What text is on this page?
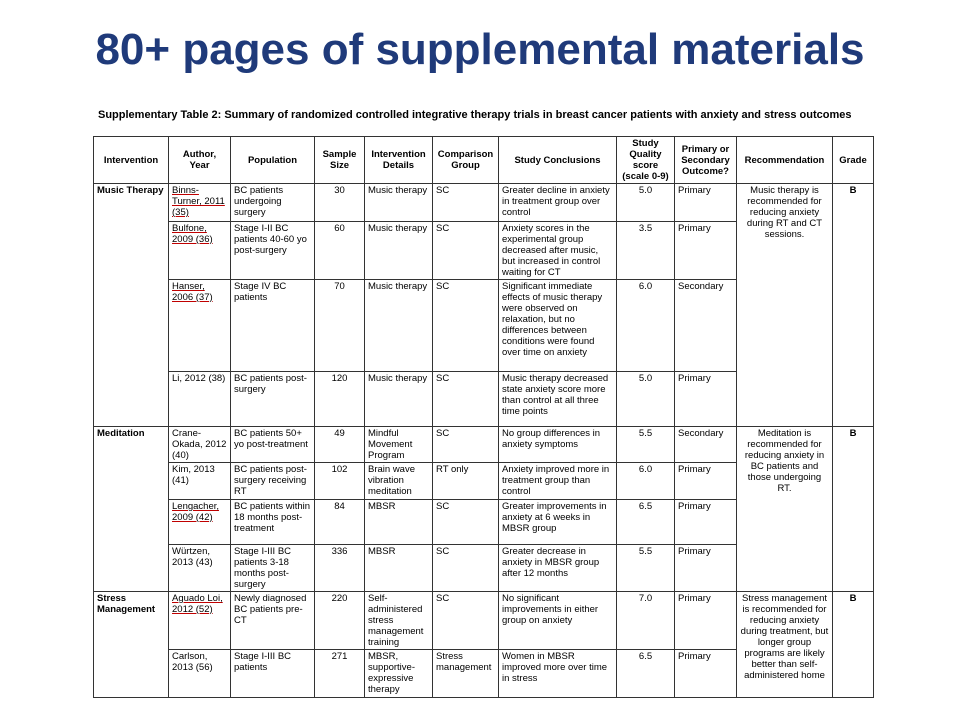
80+ pages of supplemental materials
Supplementary Table 2: Summary of randomized controlled integrative therapy trials in breast cancer patients with anxiety and stress outcomes
Intervention	Author, Year	Population	Sample Size	Intervention Details	Comparison Group	Study Conclusions	Study Quality score (scale 0-9)	Primary or Secondary Outcome?	Recommendation	Grade
Music Therapy	Binns-Turner, 2011 (35)	BC patients undergoing surgery	30	Music therapy	SC	Greater decline in anxiety in treatment group over control	5.0	Primary	Music therapy is recommended for reducing anxiety during RT and CT sessions.	B
	Bulfone, 2009 (36)	Stage I-II BC patients 40-60 yo post-surgery	60	Music therapy	SC	Anxiety scores in the experimental group decreased after music, but increased in control waiting for CT	3.5	Primary		
	Hanser, 2006 (37)	Stage IV BC patients	70	Music therapy	SC	Significant immediate effects of music therapy were observed on relaxation, but no differences between conditions were found over time on anxiety	6.0	Secondary		
	Li, 2012 (38)	BC patients post-surgery	120	Music therapy	SC	Music therapy decreased state anxiety score more than control at all three time points	5.0	Primary		
Meditation	Crane-Okada, 2012 (40)	BC patients 50+ yo post-treatment	49	Mindful Movement Program	SC	No group differences in anxiety symptoms	5.5	Secondary	Meditation is recommended for reducing anxiety in BC patients and those undergoing RT.	B
	Kim, 2013 (41)	BC patients post-surgery receiving RT	102	Brain wave vibration meditation	RT only	Anxiety improved more in treatment group than control	6.0	Primary		
	Lengacher, 2009 (42)	BC patients within 18 months post-treatment	84	MBSR	SC	Greater improvements in anxiety at 6 weeks in MBSR group	6.5	Primary		
	Würtzen, 2013 (43)	Stage I-III BC patients 3-18 months post-surgery	336	MBSR	SC	Greater decrease in anxiety in MBSR group after 12 months	5.5	Primary		
Stress Management	Aguado Loi, 2012 (52)	Newly diagnosed BC patients pre-CT	220	Self-administered stress management training	SC	No significant improvements in either group on anxiety	7.0	Primary	Stress management is recommended for reducing anxiety during treatment, but longer group programs are likely better than self-administered home	B
	Carlson, 2013 (56)	Stage I-III BC patients	271	MBSR, supportive-expressive therapy	Stress management	Women in MBSR improved more over time in stress	6.5	Primary		
